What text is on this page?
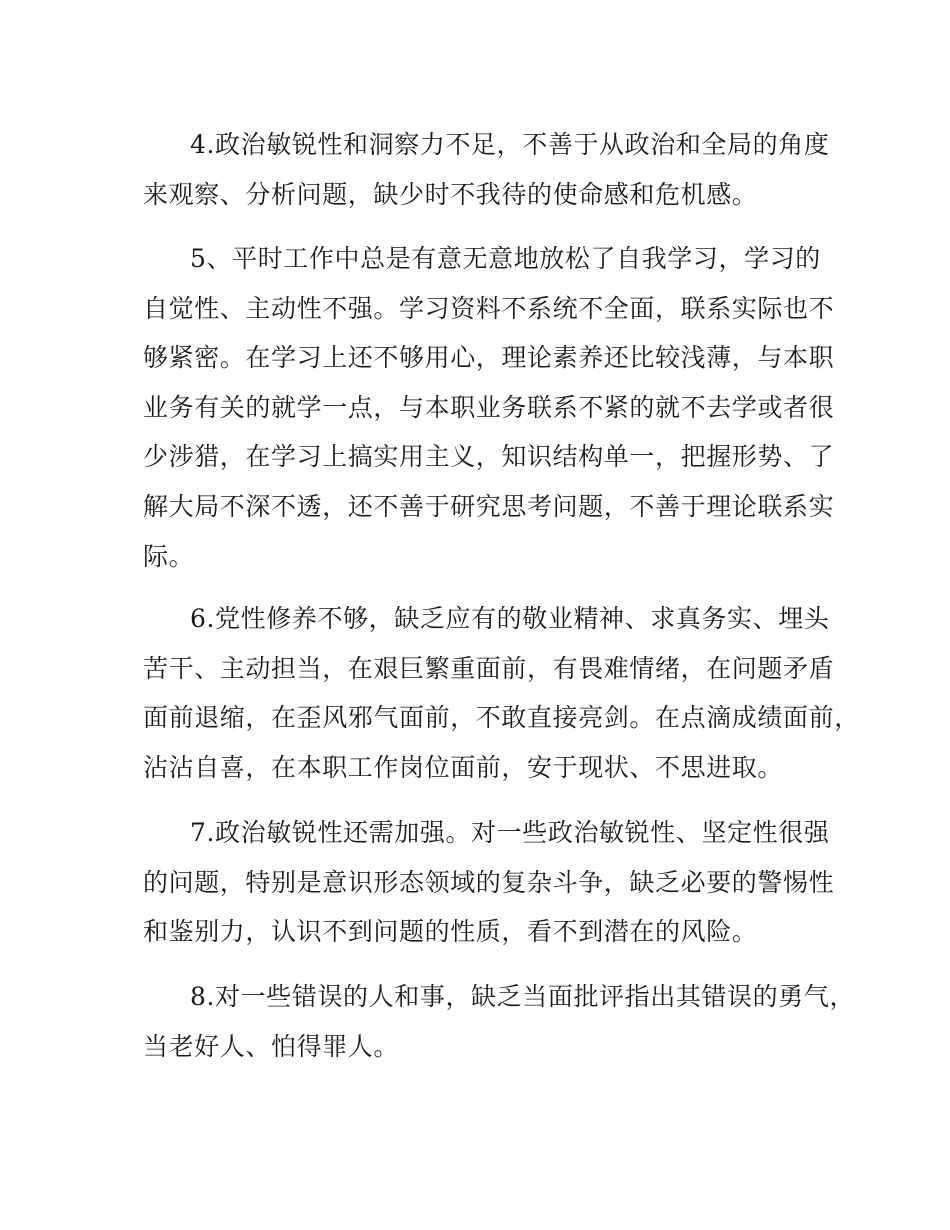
4.政治敏锐性和洞察力不足，不善于从政治和全局的角度
来观察、分析问题，缺少时不我待的使命感和危机感。
5、平时工作中总是有意无意地放松了自我学习，学习的
自觉性、主动性不强。学习资料不系统不全面，联系实际也不
够紧密。在学习上还不够用心，理论素养还比较浅薄，与本职
业务有关的就学一点，与本职业务联系不紧的就不去学或者很
少涉猎，在学习上搞实用主义，知识结构单一，把握形势、了
解大局不深不透，还不善于研究思考问题，不善于理论联系实
际。
6.党性修养不够，缺乏应有的敬业精神、求真务实、埋头
苦干、主动担当，在艰巨繁重面前，有畏难情绪，在问题矛盾
面前退缩，在歪风邪气面前，不敢直接亮剑。在点滴成绩面前，
沾沾自喜，在本职工作岗位面前，安于现状、不思进取。
7.政治敏锐性还需加强。对一些政治敏锐性、坚定性很强
的问题，特别是意识形态领域的复杂斗争，缺乏必要的警惕性
和鉴别力，认识不到问题的性质，看不到潜在的风险。
8.对一些错误的人和事，缺乏当面批评指出其错误的勇气，
当老好人、怕得罪人。
